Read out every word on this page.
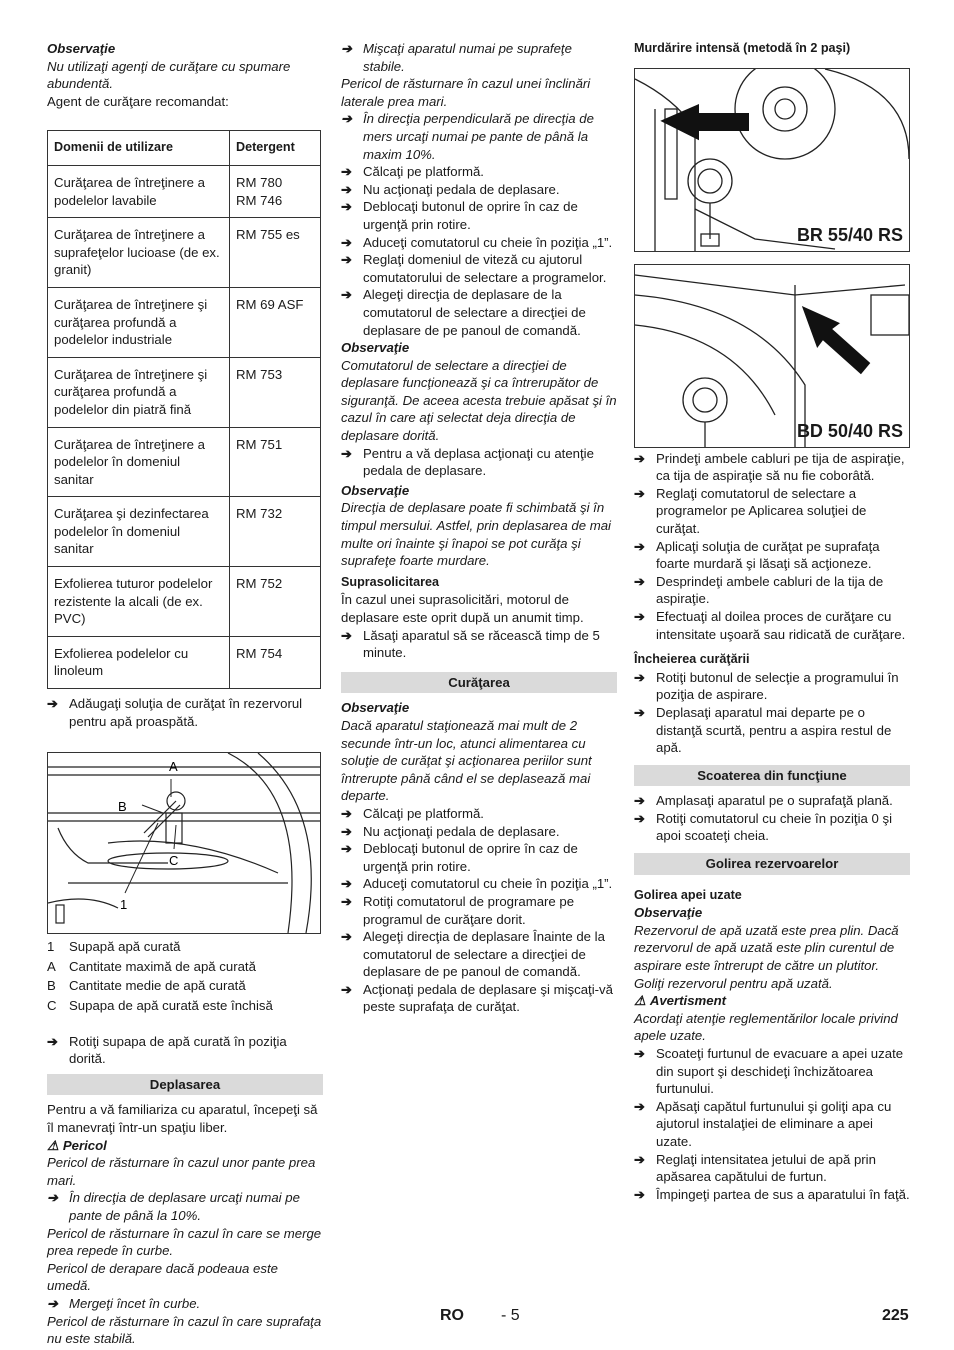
Observaţie

Nu utilizaţi agenţi de curăţare cu spumare abundentă.

Agent de curăţare recomandat:

Domenii de utilizare	Detergent
Curăţarea de întreţinere a podelelor lavabile	RM 780
RM 746
Curăţarea de întreţinere a suprafeţelor lucioase (de ex. granit)	RM 755 es
Curăţarea de întreţinere şi curăţarea profundă a podelelor industriale	RM 69 ASF
Curăţarea de întreţinere şi curăţarea profundă a podelelor din piatră fină	RM 753
Curăţarea de întreţinere a podelelor în domeniul sanitar	RM 751
Curăţarea şi dezinfectarea podelelor în domeniul sanitar	RM 732
Exfolierea tuturor podelelor rezistente la alcali (de ex. PVC)	RM 752
Exfolierea podelelor cu linoleum	RM 754

➔ Adăugaţi soluţia de curăţat în rezervorul pentru apă proaspătă.

A
B
C
1

1 Supapă apă curată

A Cantitate maximă de apă curată

B Cantitate medie de apă curată

C Supapa de apă curată este închisă

➔ Rotiţi supapa de apă curată în poziţia dorită.

Deplasarea

Pentru a vă familiariza cu aparatul, începeţi să îl manevraţi într-un spaţiu liber.

⚠ Pericol

Pericol de răsturnare în cazul unor pante prea mari.

➔ În direcţia de deplasare urcaţi numai pe pante de până la 10%.

Pericol de răsturnare în cazul în care se merge prea repede în curbe.

Pericol de derapare dacă podeaua este umedă.

➔ Mergeţi încet în curbe.

Pericol de răsturnare în cazul în care suprafaţa nu este stabilă.

➔ Mişcaţi aparatul numai pe suprafeţe stabile.

Pericol de răsturnare în cazul unei înclinări laterale prea mari.

➔ În direcţia perpendiculară pe direcţia de mers urcaţi numai pe pante de până la maxim 10%.

➔ Călcaţi pe platformă.

➔ Nu acţionaţi pedala de deplasare.

➔ Deblocaţi butonul de oprire în caz de urgenţă prin rotire.

➔ Aduceţi comutatorul cu cheie în poziţia „1”.

➔ Reglaţi domeniul de viteză cu ajutorul comutatorului de selectare a programelor.

➔ Alegeţi direcţia de deplasare de la comutatorul de selectare a direcţiei de deplasare de pe panoul de comandă.

Observaţie

Comutatorul de selectare a direcţiei de deplasare funcţionează şi ca întrerupător de siguranţă. De aceea acesta trebuie apăsat şi în cazul în care aţi selectat deja direcţia de deplasare dorită.

➔ Pentru a vă deplasa acţionaţi cu atenţie pedala de deplasare.

Observaţie

Direcţia de deplasare poate fi schimbată şi în timpul mersului. Astfel, prin deplasarea de mai multe ori înainte şi înapoi se pot curăţa şi suprafeţe foarte murdare.

Suprasolicitarea

În cazul unei suprasolicitări, motorul de deplasare este oprit după un anumit timp.

➔ Lăsaţi aparatul să se răcească timp de 5 minute.

Curăţarea

Observaţie

Dacă aparatul staţionează mai mult de 2 secunde într-un loc, atunci alimentarea cu soluţie de curăţat şi acţionarea periilor sunt întrerupte până când el se deplasează mai departe.

➔ Călcaţi pe platformă.

➔ Nu acţionaţi pedala de deplasare.

➔ Deblocaţi butonul de oprire în caz de urgenţă prin rotire.

➔ Aduceţi comutatorul cu cheie în poziţia „1”.

➔ Rotiţi comutatorul de programare pe programul de curăţare dorit.

➔ Alegeţi direcţia de deplasare Înainte de la comutatorul de selectare a direcţiei de deplasare de pe panoul de comandă.

➔ Acţionaţi pedala de deplasare şi mişcaţi-vă peste suprafaţa de curăţat.

Murdărire intensă (metodă în 2 paşi)

BR 55/40 RS
BD 50/40 RS

➔ Prindeţi ambele cabluri pe tija de aspiraţie, ca tija de aspiraţie să nu fie coborâtă.

➔ Reglaţi comutatorul de selectare a programelor pe Aplicarea soluţiei de curăţat.

➔ Aplicaţi soluţia de curăţat pe suprafaţa foarte murdară şi lăsaţi să acţioneze.

➔ Desprindeţi ambele cabluri de la tija de aspiraţie.

➔ Efectuaţi al doilea proces de curăţare cu intensitate uşoară sau ridicată de curăţare.

Încheierea curăţării

➔ Rotiţi butonul de selecţie a programului în poziţia de aspirare.

➔ Deplasaţi aparatul mai departe pe o distanţă scurtă, pentru a aspira restul de apă.

Scoaterea din funcţiune

➔ Amplasaţi aparatul pe o suprafaţă plană.

➔ Rotiţi comutatorul cu cheie în poziţia 0 şi apoi scoateţi cheia.

Golirea rezervoarelor

Golirea apei uzate

Observaţie

Rezervorul de apă uzată este prea plin. Dacă rezervorul de apă uzată este plin curentul de aspirare este întrerupt de către un plutitor. Goliţi rezervorul pentru apă uzată.

⚠ Avertisment

Acordaţi atenţie reglementărilor locale privind apele uzate.

➔ Scoateţi furtunul de evacuare a apei uzate din suport şi deschideţi închizătoarea furtunului.

➔ Apăsaţi capătul furtunului şi goliţi apa cu ajutorul instalaţiei de eliminare a apei uzate.

➔ Reglaţi intensitatea jetului de apă prin apăsarea capătului de furtun.

➔ Împingeţi partea de sus a aparatului în faţă.

RO - 5	225
